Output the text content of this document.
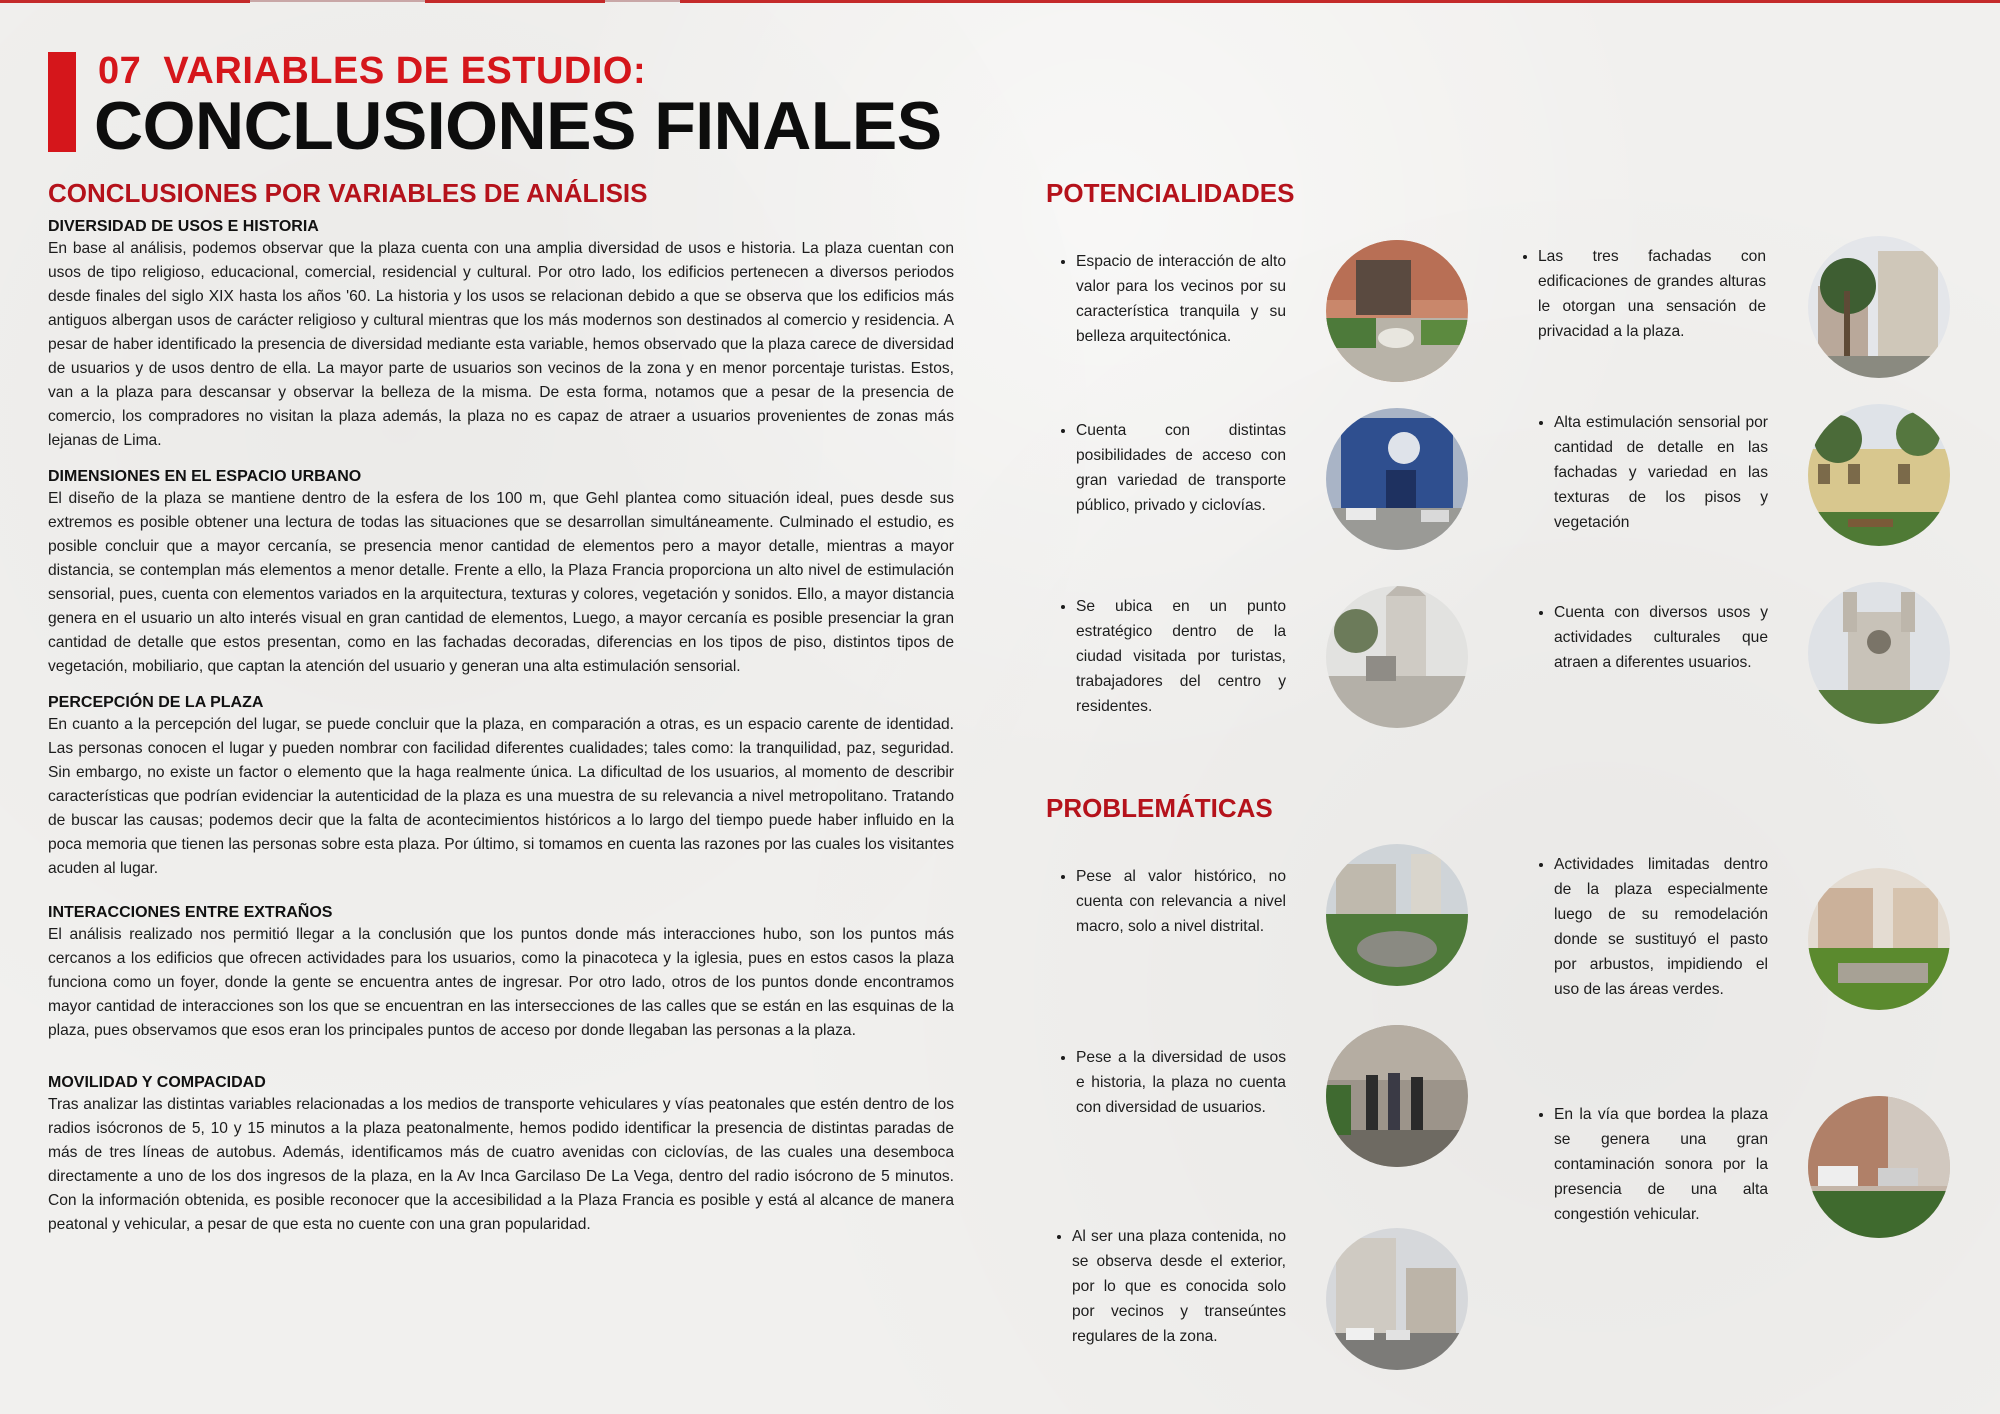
07 VARIABLES DE ESTUDIO:
CONCLUSIONES FINALES
CONCLUSIONES POR VARIABLES DE ANÁLISIS

DIVERSIDAD DE USOS E HISTORIA

En base al análisis, podemos observar que la plaza cuenta con una amplia diversidad de usos e historia. La plaza cuentan con usos de tipo religioso, educacional, comercial, residencial y cultural. Por otro lado, los edificios pertenecen a diversos periodos desde finales del siglo XIX hasta los años '60. La historia y los usos se relacionan debido a que se observa que los edificios más antiguos albergan usos de carácter religioso y cultural mientras que los más modernos son destinados al comercio y residencia. A pesar de haber identificado la presencia de diversidad mediante esta variable, hemos observado que la plaza carece de diversidad de usuarios y de usos dentro de ella. La mayor parte de usuarios son vecinos de la zona y en menor porcentaje turistas. Estos, van a la plaza para descansar y observar la belleza de la misma. De esta forma, notamos que a pesar de la presencia de comercio, los compradores no visitan la plaza además, la plaza no es capaz de atraer a usuarios provenientes de zonas más lejanas de Lima.

DIMENSIONES EN EL ESPACIO URBANO

El diseño de la plaza se mantiene dentro de la esfera de los 100 m, que Gehl plantea como situación ideal, pues desde sus extremos es posible obtener una lectura de todas las situaciones que se desarrollan simultáneamente. Culminado el estudio, es posible concluir que a mayor cercanía, se presencia menor cantidad de elementos pero a mayor detalle, mientras a mayor distancia, se contemplan más elementos a menor detalle. Frente a ello, la Plaza Francia proporciona un alto nivel de estimulación sensorial, pues, cuenta con elementos variados en la arquitectura, texturas y colores, vegetación y sonidos. Ello, a mayor distancia genera en el usuario un alto interés visual en gran cantidad de elementos, Luego, a mayor cercanía es posible presenciar la gran cantidad de detalle que estos presentan, como en las fachadas decoradas, diferencias en los tipos de piso, distintos tipos de vegetación, mobiliario, que captan la atención del usuario y generan una alta estimulación sensorial.

PERCEPCIÓN DE LA PLAZA

En cuanto a la percepción del lugar, se puede concluir que la plaza, en comparación a otras, es un espacio carente de identidad. Las personas conocen el lugar y pueden nombrar con facilidad diferentes cualidades; tales como: la tranquilidad, paz, seguridad. Sin embargo, no existe un factor o elemento que la haga realmente única. La dificultad de los usuarios, al momento de describir características que podrían evidenciar la autenticidad de la plaza es una muestra de su relevancia a nivel metropolitano. Tratando de buscar las causas; podemos decir que la falta de acontecimientos históricos a lo largo del tiempo puede haber influido en la poca memoria que tienen las personas sobre esta plaza. Por último, si tomamos en cuenta las razones por las cuales los visitantes acuden al lugar.

INTERACCIONES ENTRE EXTRAÑOS

El análisis realizado nos permitió llegar a la conclusión que los puntos donde más interacciones hubo, son los puntos más cercanos a los edificios que ofrecen actividades para los usuarios, como la pinacoteca y la iglesia, pues en estos casos la plaza funciona como un foyer, donde la gente se encuentra antes de ingresar. Por otro lado, otros de los puntos donde encontramos mayor cantidad de interacciones son los que se encuentran en las intersecciones de las calles que se están en las esquinas de la plaza, pues observamos que esos eran los principales puntos de acceso por donde llegaban las personas a la plaza.

MOVILIDAD Y COMPACIDAD

Tras analizar las distintas variables relacionadas a los medios de transporte vehiculares y vías peatonales que estén dentro de los radios isócronos de 5, 10 y 15 minutos a la plaza peatonalmente, hemos podido identificar la presencia de distintas paradas de más de tres líneas de autobus. Además, identificamos más de cuatro avenidas con ciclovías, de las cuales una desemboca directamente a uno de los dos ingresos de la plaza, en la Av Inca Garcilaso De La Vega, dentro del radio isócrono de 5 minutos. Con la información obtenida, es posible reconocer que la accesibilidad a la Plaza Francia es posible y está al alcance de manera peatonal y vehicular, a pesar de que esta no cuente con una gran popularidad.

POTENCIALIDADES
• Espacio de interacción de alto valor para los vecinos por su característica tranquila y su belleza arquitectónica.
• Las tres fachadas con edificaciones de grandes alturas le otorgan una sensación de privacidad a la plaza.
• Cuenta con distintas posibilidades de acceso con gran variedad de transporte público, privado y ciclovías.
• Alta estimulación sensorial por cantidad de detalle en las fachadas y variedad en las texturas de los pisos y vegetación
• Se ubica en un punto estratégico dentro de la ciudad visitada por turistas, trabajadores del centro y residentes.
• Cuenta con diversos usos y actividades culturales que atraen a diferentes usuarios.
PROBLEMÁTICAS
• Pese al valor histórico, no cuenta con relevancia a nivel macro, solo a nivel distrital.
• Actividades limitadas dentro de la plaza especialmente luego de su remodelación donde se sustituyó el pasto por arbustos, impidiendo el uso de las áreas verdes.
• Pese a la diversidad de usos e historia, la plaza no cuenta con diversidad de usuarios.
•	En la vía que bordea la plaza se genera una gran contaminación sonora por la presencia de una alta congestión vehicular.
• Al ser una plaza contenida, no se observa desde el exterior, por lo que es conocida solo por vecinos y transeúntes regulares de la zona.
